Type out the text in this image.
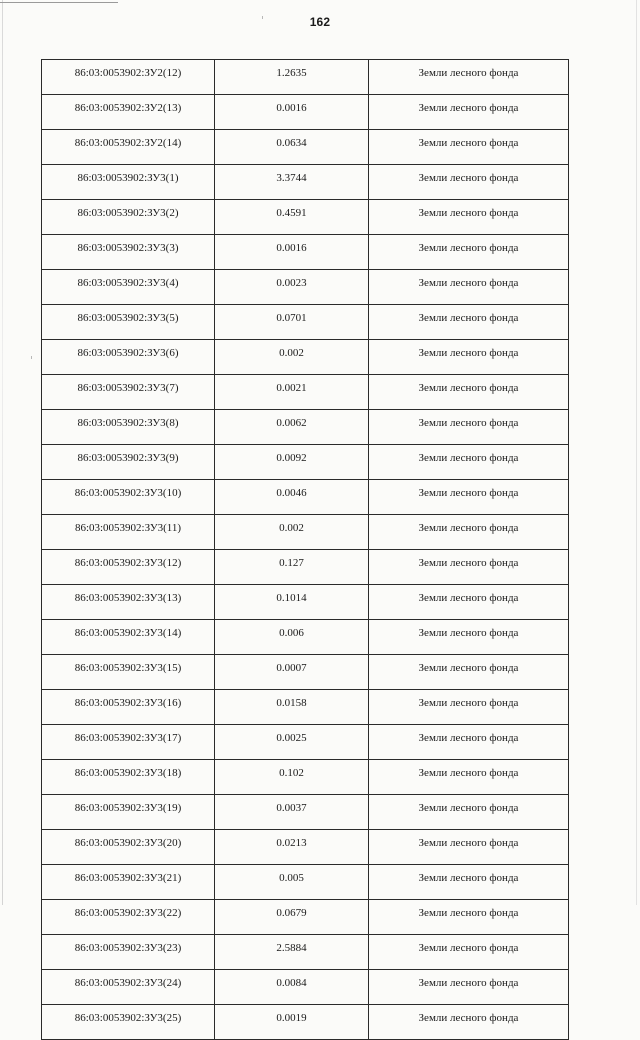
162
86:03:0053902:ЗУ2(12)	1.2635	Земли лесного фонда
86:03:0053902:ЗУ2(13)	0.0016	Земли лесного фонда
86:03:0053902:ЗУ2(14)	0.0634	Земли лесного фонда
86:03:0053902:ЗУ3(1)	3.3744	Земли лесного фонда
86:03:0053902:ЗУ3(2)	0.4591	Земли лесного фонда
86:03:0053902:ЗУ3(3)	0.0016	Земли лесного фонда
86:03:0053902:ЗУ3(4)	0.0023	Земли лесного фонда
86:03:0053902:ЗУ3(5)	0.0701	Земли лесного фонда
86:03:0053902:ЗУ3(6)	0.002	Земли лесного фонда
86:03:0053902:ЗУ3(7)	0.0021	Земли лесного фонда
86:03:0053902:ЗУ3(8)	0.0062	Земли лесного фонда
86:03:0053902:ЗУ3(9)	0.0092	Земли лесного фонда
86:03:0053902:ЗУ3(10)	0.0046	Земли лесного фонда
86:03:0053902:ЗУ3(11)	0.002	Земли лесного фонда
86:03:0053902:ЗУ3(12)	0.127	Земли лесного фонда
86:03:0053902:ЗУ3(13)	0.1014	Земли лесного фонда
86:03:0053902:ЗУ3(14)	0.006	Земли лесного фонда
86:03:0053902:ЗУ3(15)	0.0007	Земли лесного фонда
86:03:0053902:ЗУ3(16)	0.0158	Земли лесного фонда
86:03:0053902:ЗУ3(17)	0.0025	Земли лесного фонда
86:03:0053902:ЗУ3(18)	0.102	Земли лесного фонда
86:03:0053902:ЗУ3(19)	0.0037	Земли лесного фонда
86:03:0053902:ЗУ3(20)	0.0213	Земли лесного фонда
86:03:0053902:ЗУ3(21)	0.005	Земли лесного фонда
86:03:0053902:ЗУ3(22)	0.0679	Земли лесного фонда
86:03:0053902:ЗУ3(23)	2.5884	Земли лесного фонда
86:03:0053902:ЗУ3(24)	0.0084	Земли лесного фонда
86:03:0053902:ЗУ3(25)	0.0019	Земли лесного фонда
